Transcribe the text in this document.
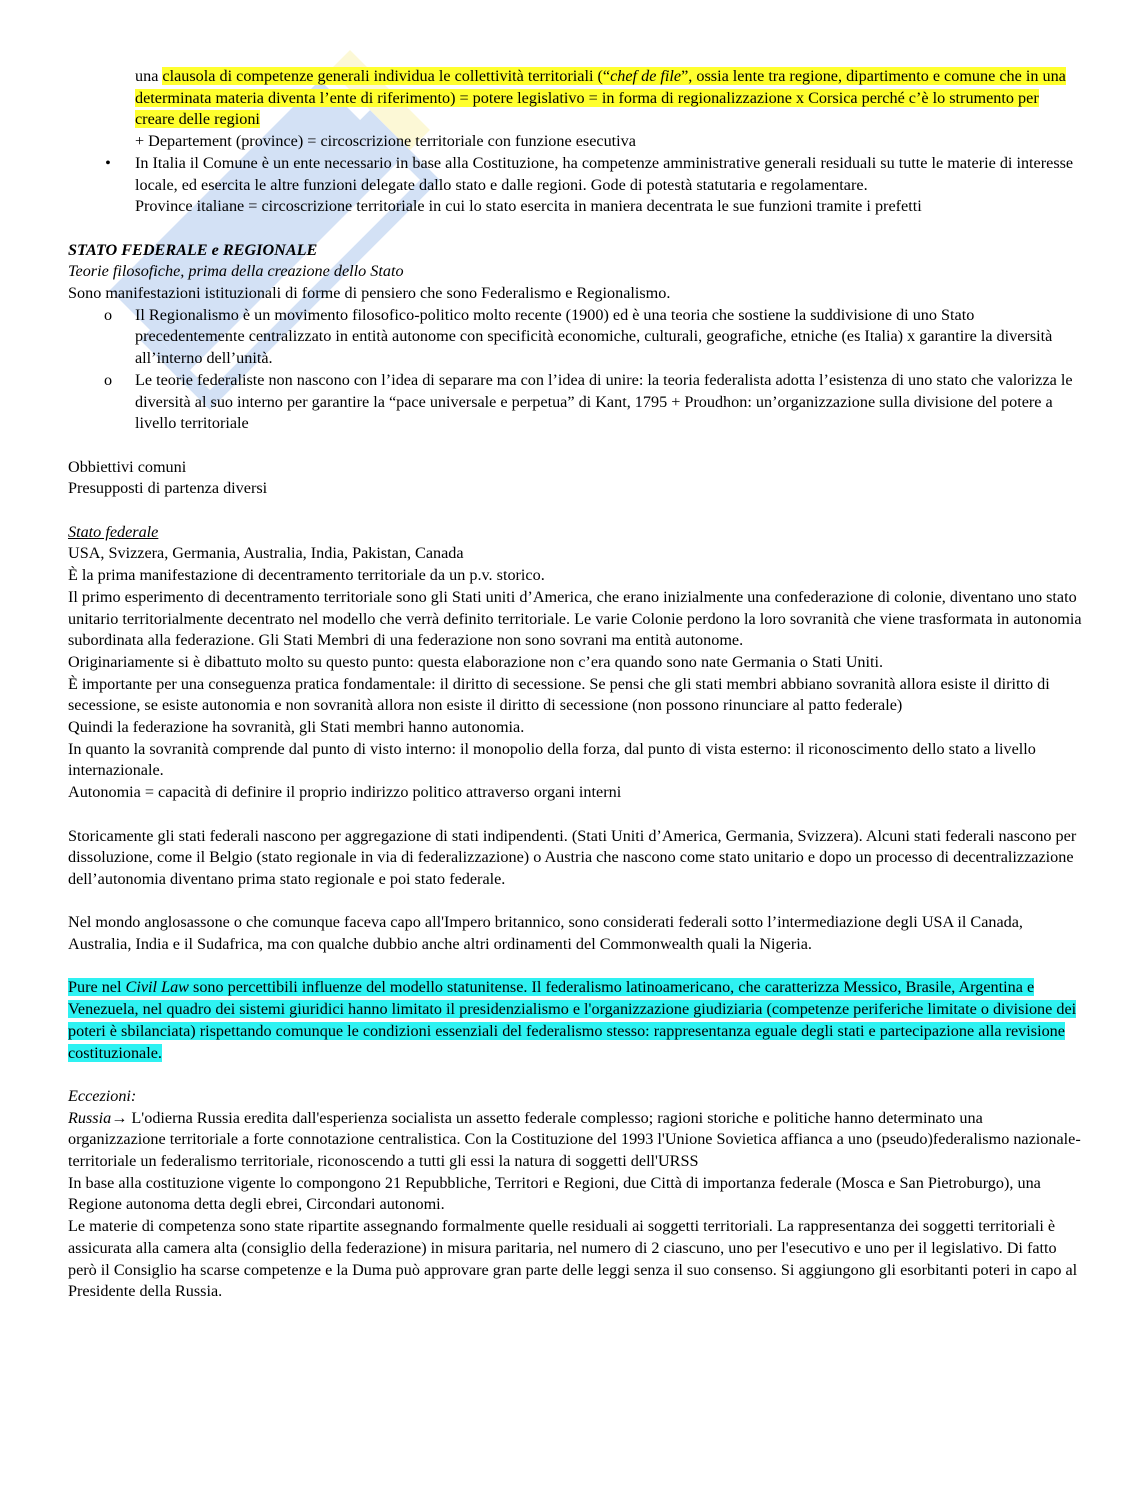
una clausola di competenze generali individua le collettività territoriali (“chef de file”, ossia lente tra regione, dipartimento e comune che in una determinata materia diventa l’ente di riferimento) = potere legislativo = in forma di regionalizzazione x Corsica perché c’è lo strumento per creare delle regioni

+ Departement (province) = circoscrizione territoriale con funzione esecutiva

•	In Italia il Comune è un ente necessario in base alla Costituzione, ha competenze amministrative generali residuali su tutte le materie di interesse locale, ed esercita le altre funzioni delegate dallo stato e dalle regioni. Gode di potestà statutaria e regolamentare.

Province italiane = circoscrizione territoriale in cui lo stato esercita in maniera decentrata le sue funzioni tramite i prefetti

STATO FEDERALE e REGIONALE

Teorie filosofiche, prima della creazione dello Stato

Sono manifestazioni istituzionali di forme di pensiero che sono Federalismo e Regionalismo.

o	Il Regionalismo è un movimento filosofico-politico molto recente (1900) ed è una teoria che sostiene la suddivisione di uno Stato precedentemente centralizzato in entità autonome con specificità economiche, culturali, geografiche, etniche (es Italia) x garantire la diversità all’interno dell’unità.

o	Le teorie federaliste non nascono con l’idea di separare ma con l’idea di unire: la teoria federalista adotta l’esistenza di uno stato che valorizza le diversità al suo interno per garantire la “pace universale e perpetua” di Kant, 1795 + Proudhon: un’organizzazione sulla divisione del potere a livello territoriale

Obbiettivi comuni

Presupposti di partenza diversi

Stato federale

USA, Svizzera, Germania, Australia, India, Pakistan, Canada

È la prima manifestazione di decentramento territoriale da un p.v. storico.

Il primo esperimento di decentramento territoriale sono gli Stati uniti d’America, che erano inizialmente una confederazione di colonie, diventano uno stato unitario territorialmente decentrato nel modello che verrà definito territoriale. Le varie Colonie perdono la loro sovranità che viene trasformata in autonomia subordinata alla federazione. Gli Stati Membri di una federazione non sono sovrani ma entità autonome.

Originariamente si è dibattuto molto su questo punto: questa elaborazione non c’era quando sono nate Germania o Stati Uniti.

È importante per una conseguenza pratica fondamentale: il diritto di secessione. Se pensi che gli stati membri abbiano sovranità allora esiste il diritto di secessione, se esiste autonomia e non sovranità allora non esiste il diritto di secessione (non possono rinunciare al patto federale)

Quindi la federazione ha sovranità, gli Stati membri hanno autonomia.

In quanto la sovranità comprende dal punto di visto interno: il monopolio della forza, dal punto di vista esterno: il riconoscimento dello stato a livello internazionale.

Autonomia = capacità di definire il proprio indirizzo politico attraverso organi interni

Storicamente gli stati federali nascono per aggregazione di stati indipendenti. (Stati Uniti d’America, Germania, Svizzera). Alcuni stati federali nascono per dissoluzione, come il Belgio (stato regionale in via di federalizzazione) o Austria che nascono come stato unitario e dopo un processo di decentralizzazione dell’autonomia diventano prima stato regionale e poi stato federale.

Nel mondo anglosassone o che comunque faceva capo all'Impero britannico, sono considerati federali sotto l’intermediazione degli USA il Canada, Australia, India e il Sudafrica, ma con qualche dubbio anche altri ordinamenti del Commonwealth quali la Nigeria.

Pure nel Civil Law sono percettibili influenze del modello statunitense. Il federalismo latinoamericano, che caratterizza Messico, Brasile, Argentina e Venezuela, nel quadro dei sistemi giuridici hanno limitato il presidenzialismo e l'organizzazione giudiziaria (competenze periferiche limitate o divisione dei poteri è sbilanciata) rispettando comunque le condizioni essenziali del federalismo stesso: rappresentanza eguale degli stati e partecipazione alla revisione costituzionale.

Eccezioni:

Russia→ L'odierna Russia eredita dall'esperienza socialista un assetto federale complesso; ragioni storiche e politiche hanno determinato una organizzazione territoriale a forte connotazione centralistica. Con la Costituzione del 1993 l'Unione Sovietica affianca a uno (pseudo)federalismo nazionale-territoriale un federalismo territoriale, riconoscendo a tutti gli essi la natura di soggetti dell'URSS

In base alla costituzione vigente lo compongono 21 Repubbliche, Territori e Regioni, due Città di importanza federale (Mosca e San Pietroburgo), una Regione autonoma detta degli ebrei, Circondari autonomi.

Le materie di competenza sono state ripartite assegnando formalmente quelle residuali ai soggetti territoriali. La rappresentanza dei soggetti territoriali è assicurata alla camera alta (consiglio della federazione) in misura paritaria, nel numero di 2 ciascuno, uno per l'esecutivo e uno per il legislativo. Di fatto però il Consiglio ha scarse competenze e la Duma può approvare gran parte delle leggi senza il suo consenso. Si aggiungono gli esorbitanti poteri in capo al Presidente della Russia.
